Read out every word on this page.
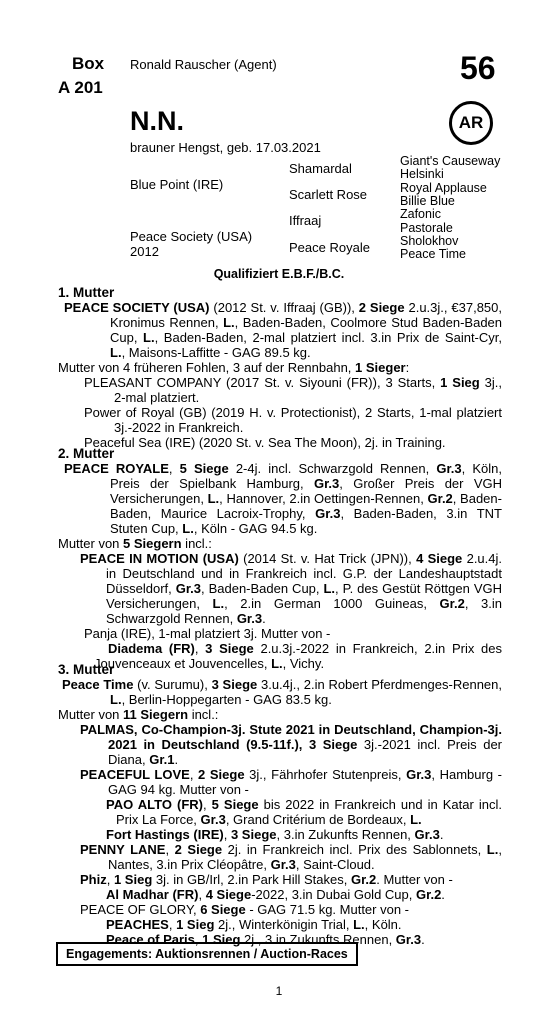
Box
A 201
Ronald Rauscher (Agent)	56
AR
N.N.
brauner Hengst, geb. 17.03.2021
Blue Point (IRE)
Peace Society (USA)
2012
Shamardal
Scarlett Rose
Iffraaj
Peace Royale
Giant's Causeway
Helsinki
Royal Applause
Billie Blue
Zafonic
Pastorale
Sholokhov
Peace Time
Qualifiziert E.B.F./B.C.
1. Mutter
PEACE SOCIETY (USA) (2012 St. v. Iffraaj (GB)), 2 Siege 2.u.3j., €37,850, Kronimus Rennen, L., Baden-Baden, Coolmore Stud Baden-Baden Cup, L., Baden-Baden, 2-mal platziert incl. 3.in Prix de Saint-Cyr, L., Maisons-Laffitte - GAG 89.5 kg.
Mutter von 4 früheren Fohlen, 3 auf der Rennbahn, 1 Sieger:
PLEASANT COMPANY (2017 St. v. Siyouni (FR)), 3 Starts, 1 Sieg 3j., 2-mal platziert.
Power of Royal (GB) (2019 H. v. Protectionist), 2 Starts, 1-mal platziert 3j.-2022 in Frankreich.
Peaceful Sea (IRE) (2020 St. v. Sea The Moon), 2j. in Training.
2. Mutter
PEACE ROYALE, 5 Siege 2-4j. incl. Schwarzgold Rennen, Gr.3, Köln, Preis der Spielbank Hamburg, Gr.3, Großer Preis der VGH Versicherungen, L., Hannover, 2.in Oettingen-Rennen, Gr.2, Baden-Baden, Maurice Lacroix-Trophy, Gr.3, Baden-Baden, 3.in TNT Stuten Cup, L., Köln - GAG 94.5 kg.
Mutter von 5 Siegern incl.:
PEACE IN MOTION (USA) (2014 St. v. Hat Trick (JPN)), 4 Siege 2.u.4j. in Deutschland und in Frankreich incl. G.P. der Landeshauptstadt Düsseldorf, Gr.3, Baden-Baden Cup, L., P. des Gestüt Röttgen VGH Versicherungen, L., 2.in German 1000 Guineas, Gr.2, 3.in Schwarzgold Rennen, Gr.3.
Panja (IRE), 1-mal platziert 3j. Mutter von -
Diadema (FR), 3 Siege 2.u.3j.-2022 in Frankreich, 2.in Prix des Jouvenceaux et Jouvencelles, L., Vichy.
3. Mutter
Peace Time (v. Surumu), 3 Siege 3.u.4j., 2.in Robert Pferdmenges-Rennen, L., Berlin-Hoppegarten - GAG 83.5 kg.
Mutter von 11 Siegern incl.:
PALMAS, Co-Champion-3j. Stute 2021 in Deutschland, Champion-3j. 2021 in Deutschland (9.5-11f.), 3 Siege 3j.-2021 incl. Preis der Diana, Gr.1.
PEACEFUL LOVE, 2 Siege 3j., Fährhofer Stutenpreis, Gr.3, Hamburg - GAG 94 kg. Mutter von -
PAO ALTO (FR), 5 Siege bis 2022 in Frankreich und in Katar incl. Prix La Force, Gr.3, Grand Critérium de Bordeaux, L.
Fort Hastings (IRE), 3 Siege, 3.in Zukunfts Rennen, Gr.3.
PENNY LANE, 2 Siege 2j. in Frankreich incl. Prix des Sablonnets, L., Nantes, 3.in Prix Cléopâtre, Gr.3, Saint-Cloud.
Phiz, 1 Sieg 3j. in GB/Irl, 2.in Park Hill Stakes, Gr.2. Mutter von -
Al Madhar (FR), 4 Siege-2022, 3.in Dubai Gold Cup, Gr.2.
PEACE OF GLORY, 6 Siege - GAG 71.5 kg. Mutter von -
PEACHES, 1 Sieg 2j., Winterkönigin Trial, L., Köln.
Peace of Paris, 1 Sieg 2j., 3.in Zukunfts Rennen, Gr.3.
Engagements: Auktionsrennen / Auction-Races
1
